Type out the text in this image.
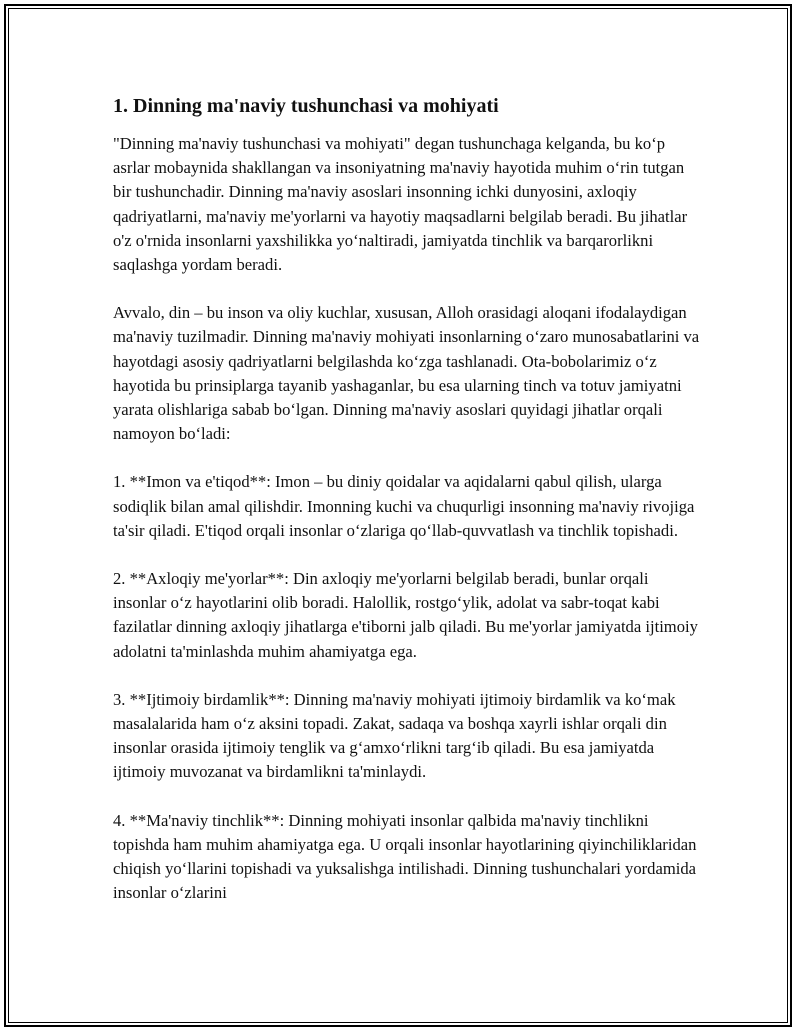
1. Dinning ma'naviy tushunchasi va mohiyati

"Dinning ma'naviy tushunchasi va mohiyati" degan tushunchaga kelganda, bu ko‘p asrlar mobaynida shakllangan va insoniyatning ma'naviy hayotida muhim o‘rin tutgan bir tushunchadir. Dinning ma'naviy asoslari insonning ichki dunyosini, axloqiy qadriyatlarni, ma'naviy me'yorlarni va hayotiy maqsadlarni belgilab beradi. Bu jihatlar o'z o'rnida insonlarni yaxshilikka yo‘naltiradi, jamiyatda tinchlik va barqarorlikni saqlashga yordam beradi.

Avvalo, din – bu inson va oliy kuchlar, xususan, Alloh orasidagi aloqani ifodalaydigan ma'naviy tuzilmadir. Dinning ma'naviy mohiyati insonlarning o‘zaro munosabatlarini va hayotdagi asosiy qadriyatlarni belgilashda ko‘zga tashlanadi. Ota-bobolarimiz o‘z hayotida bu prinsiplarga tayanib yashaganlar, bu esa ularning tinch va totuv jamiyatni yarata olishlariga sabab bo‘lgan. Dinning ma'naviy asoslari quyidagi jihatlar orqali namoyon bo‘ladi:

1. **Imon va e'tiqod**: Imon – bu diniy qoidalar va aqidalarni qabul qilish, ularga sodiqlik bilan amal qilishdir. Imonning kuchi va chuqurligi insonning ma'naviy rivojiga ta'sir qiladi. E'tiqod orqali insonlar o‘zlariga qo‘llab-quvvatlash va tinchlik topishadi.

2. **Axloqiy me'yorlar**: Din axloqiy me'yorlarni belgilab beradi, bunlar orqali insonlar o‘z hayotlarini olib boradi. Halollik, rostgo‘ylik, adolat va sabr-toqat kabi fazilatlar dinning axloqiy jihatlarga e'tiborni jalb qiladi. Bu me'yorlar jamiyatda ijtimoiy adolatni ta'minlashda muhim ahamiyatga ega.

3. **Ijtimoiy birdamlik**: Dinning ma'naviy mohiyati ijtimoiy birdamlik va ko‘mak masalalarida ham o‘z aksini topadi. Zakat, sadaqa va boshqa xayrli ishlar orqali din insonlar orasida ijtimoiy tenglik va g‘amxo‘rlikni targ‘ib qiladi. Bu esa jamiyatda ijtimoiy muvozanat va birdamlikni ta'minlaydi.

4. **Ma'naviy tinchlik**: Dinning mohiyati insonlar qalbida ma'naviy tinchlikni topishda ham muhim ahamiyatga ega. U orqali insonlar hayotlarining qiyinchiliklaridan chiqish yo‘llarini topishadi va yuksalishga intilishadi. Dinning tushunchalari yordamida insonlar o‘zlarini
